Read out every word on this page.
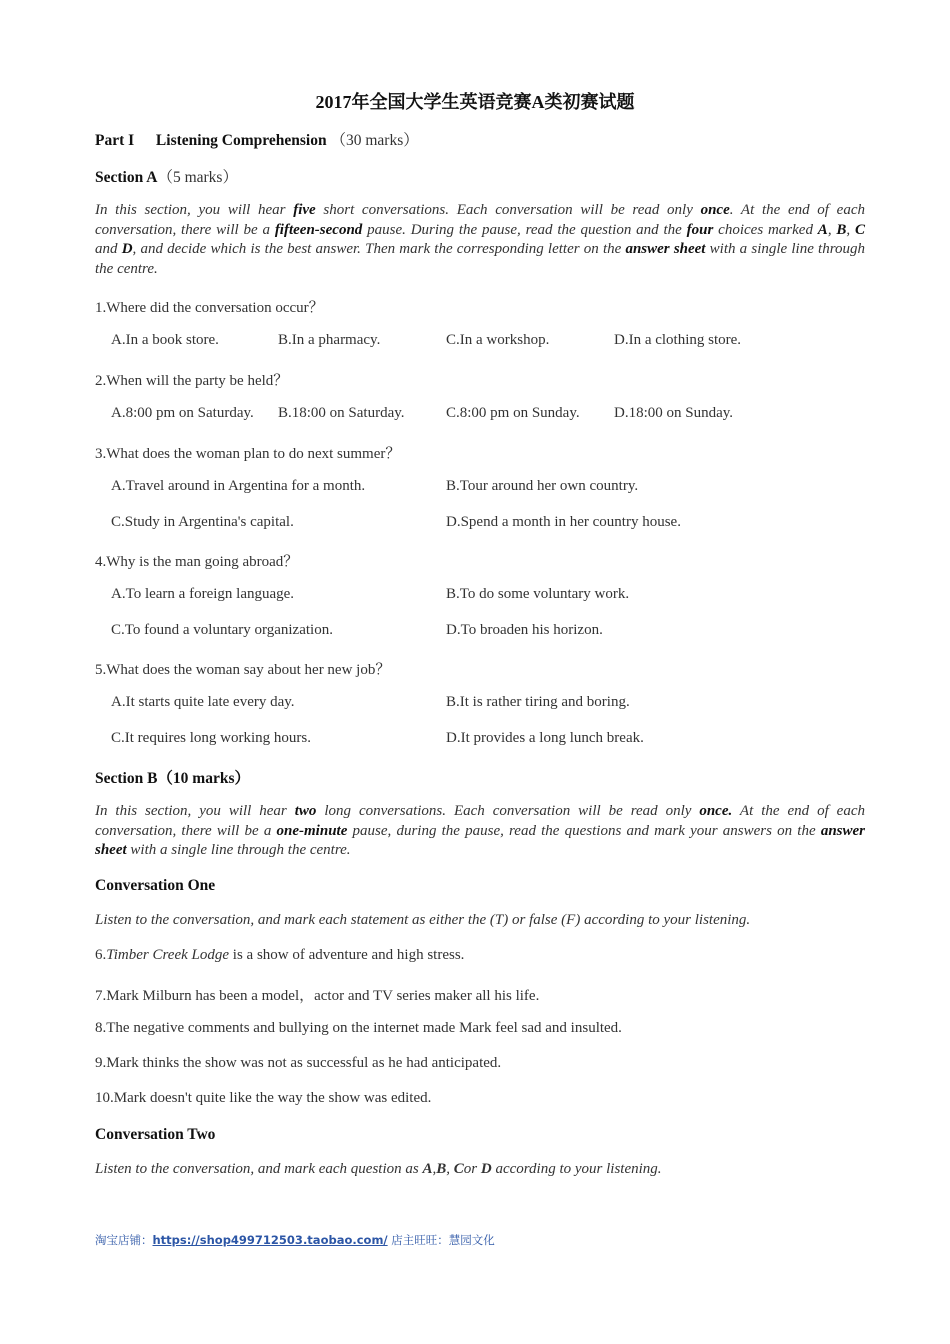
2017年全国大学生英语竞赛A类初赛试题
Part I Listening Comprehension （30 marks）
Section A（5 marks）
In this section, you will hear five short conversations. Each conversation will be read only once. At the end of each conversation, there will be a fifteen-second pause. During the pause, read the question and the four choices marked A, B, C and D, and decide which is the best answer. Then mark the corresponding letter on the answer sheet with a single line through the centre.
1.Where did the conversation occur？
A.In a book store.	B.In a pharmacy.	C.In a workshop.	D.In a clothing store.
2.When will the party be held？
A.8:00 pm on Saturday. B.18:00 on Saturday.	C.8:00 pm on Sunday. D.18:00 on Sunday.
3.What does the woman plan to do next summer？
A.Travel around in Argentina for a month.	B.Tour around her own country.
C.Study in Argentina's capital.	D.Spend a month in her country house.
4.Why is the man going abroad？
A.To learn a foreign language.	B.To do some voluntary work.
C.To found a voluntary organization.	D.To broaden his horizon.
5.What does the woman say about her new job？
A.It starts quite late every day.	B.It is rather tiring and boring.
C.It requires long working hours.	D.It provides a long lunch break.
Section B（10 marks）
In this section, you will hear two long conversations. Each conversation will be read only once. At the end of each conversation, there will be a one-minute pause, during the pause, read the questions and mark your answers on the answer sheet with a single line through the centre.
Conversation One
Listen to the conversation, and mark each statement as either the (T) or false (F) according to your listening.
6.Timber Creek Lodge is a show of adventure and high stress.
7.Mark Milburn has been a model，actor and TV series maker all his life.
8.The negative comments and bullying on the internet made Mark feel sad and insulted.
9.Mark thinks the show was not as successful as he had anticipated.
10.Mark doesn't quite like the way the show was edited.
Conversation Two
Listen to the conversation, and mark each question as A,B, Cor D according to your listening.
淘宝店铺：https://shop499712503.taobao.com/ 店主旺旺：慧园文化
